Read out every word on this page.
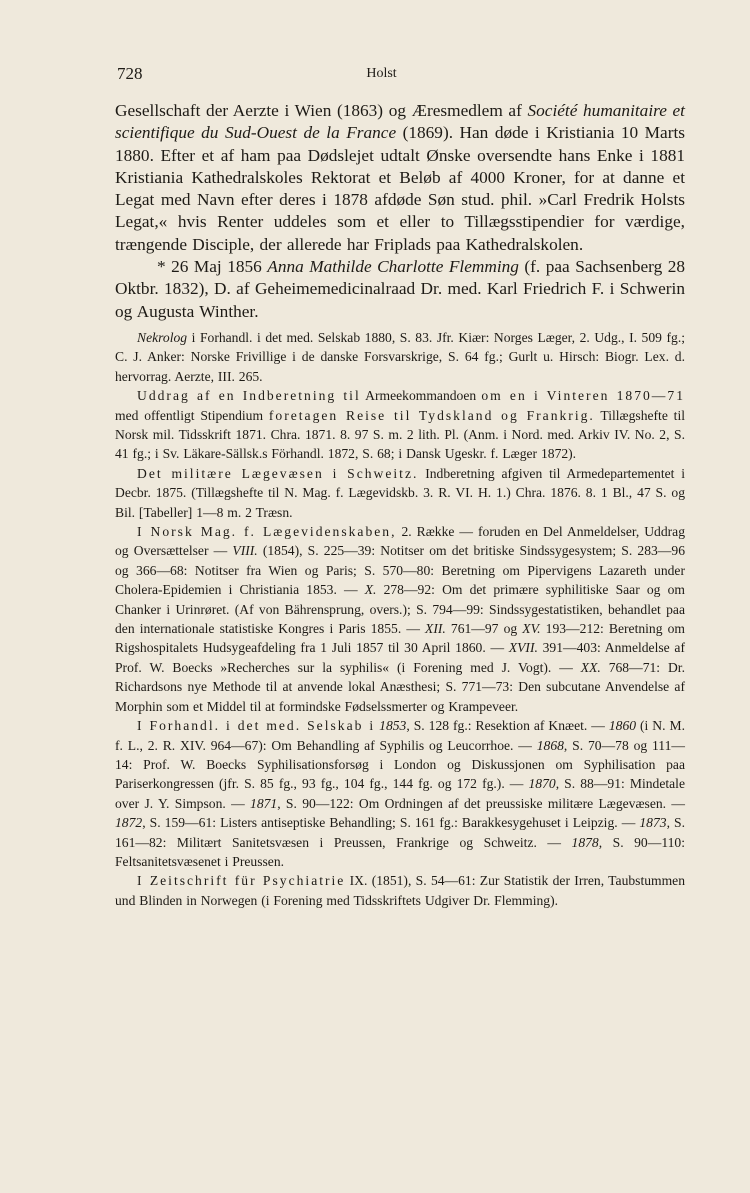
728	Holst

Gesellschaft der Aerzte i Wien (1863) og Æresmedlem af Société humanitaire et scientifique du Sud-Ouest de la France (1869). Han døde i Kristiania 10 Marts 1880. Efter et af ham paa Dødslejet udtalt Ønske oversendte hans Enke i 1881 Kristiania Kathedralskoles Rektorat et Beløb af 4000 Kroner, for at danne et Legat med Navn efter deres i 1878 afdøde Søn stud. phil. »Carl Fredrik Holsts Legat,« hvis Renter uddeles som et eller to Tillægsstipendier for værdige, trængende Disciple, der allerede har Friplads paa Kathedralskolen.

* 26 Maj 1856 Anna Mathilde Charlotte Flemming (f. paa Sachsenberg 28 Oktbr. 1832), D. af Geheimemedicinalraad Dr. med. Karl Friedrich F. i Schwerin og Augusta Winther.

Nekrolog i Forhandl. i det med. Selskab 1880, S. 83. Jfr. Kiær: Norges Læger, 2. Udg., I. 509 fg.; C. J. Anker: Norske Frivillige i de danske Forsvarskrige, S. 64 fg.; Gurlt u. Hirsch: Biogr. Lex. d. hervorrag. Aerzte, III. 265.

Uddrag af en Indberetning til Armeekommandoen om en i Vinteren 1870—71 med offentligt Stipendium foretagen Reise til Tydskland og Frankrig. Tillægshefte til Norsk mil. Tidsskrift 1871. Chra. 1871. 8. 97 S. m. 2 lith. Pl. (Anm. i Nord. med. Arkiv IV. No. 2, S. 41 fg.; i Sv. Läkare-Sällsk.s Förhandl. 1872, S. 68; i Dansk Ugeskr. f. Læger 1872).

Det militære Lægevæsen i Schweitz. Indberetning afgiven til Armedepartementet i Decbr. 1875. (Tillægshefte til N. Mag. f. Lægevidskb. 3. R. VI. H. 1.) Chra. 1876. 8. 1 Bl., 47 S. og Bil. [Tabeller] 1—8 m. 2 Træsn.

I Norsk Mag. f. Lægevidenskaben, 2. Række — foruden en Del Anmeldelser, Uddrag og Oversættelser — VIII. (1854), S. 225—39: Notitser om det britiske Sindssygesystem; S. 283—96 og 366—68: Notitser fra Wien og Paris; S. 570—80: Beretning om Pipervigens Lazareth under Cholera-Epidemien i Christiania 1853. — X. 278—92: Om det primære syphilitiske Saar og om Chanker i Urinrøret. (Af von Bährensprung, overs.); S. 794—99: Sindssygestatistiken, behandlet paa den internationale statistiske Kongres i Paris 1855. — XII. 761—97 og XV. 193—212: Beretning om Rigshospitalets Hudsygeafdeling fra 1 Juli 1857 til 30 April 1860. — XVII. 391—403: Anmeldelse af Prof. W. Boecks »Recherches sur la syphilis« (i Forening med J. Vogt). — XX. 768—71: Dr. Richardsons nye Methode til at anvende lokal Anæsthesi; S. 771—73: Den subcutane Anvendelse af Morphin som et Middel til at formindske Fødselssmerter og Krampeveer.

I Forhandl. i det med. Selskab i 1853, S. 128 fg.: Resektion af Knæet. — 1860 (i N. M. f. L., 2. R. XIV. 964—67): Om Behandling af Syphilis og Leucorrhoe. — 1868, S. 70—78 og 111—14: Prof. W. Boecks Syphilisationsforsøg i London og Diskussjonen om Syphilisation paa Pariserkongressen (jfr. S. 85 fg., 93 fg., 104 fg., 144 fg. og 172 fg.). — 1870, S. 88—91: Mindetale over J. Y. Simpson. — 1871, S. 90—122: Om Ordningen af det preussiske militære Lægevæsen. — 1872, S. 159—61: Listers antiseptiske Behandling; S. 161 fg.: Barakkesygehuset i Leipzig. — 1873, S. 161—82: Militært Sanitetsvæsen i Preussen, Frankrige og Schweitz. — 1878, S. 90—110: Feltsanitetsvæsenet i Preussen.

I Zeitschrift für Psychiatrie IX. (1851), S. 54—61: Zur Statistik der Irren, Taubstummen und Blinden in Norwegen (i Forening med Tidsskriftets Udgiver Dr. Flemming).
